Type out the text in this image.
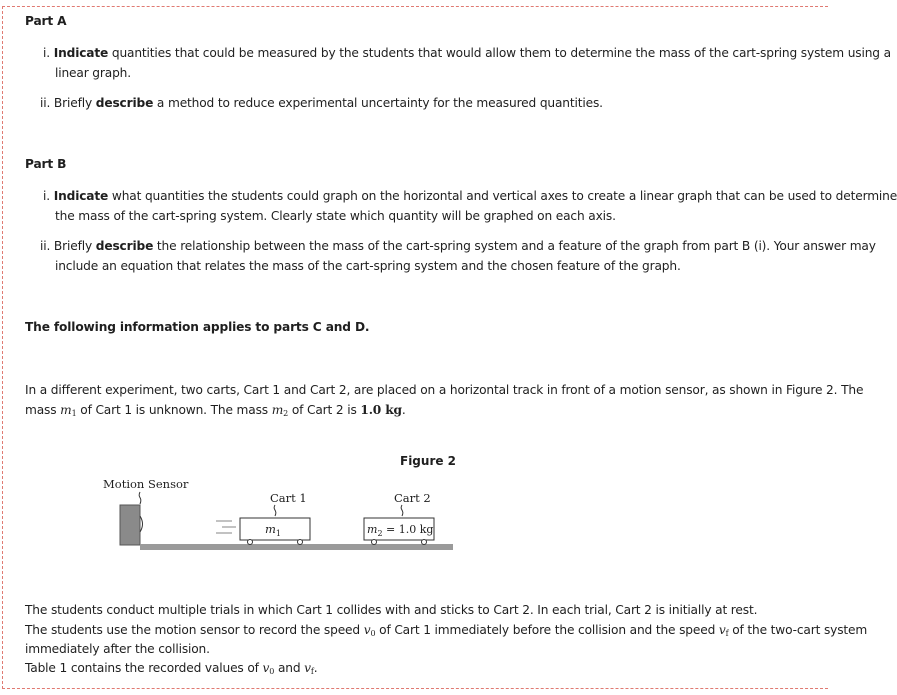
Part A
i. Indicate quantities that could be measured by the students that would allow them to determine the mass of the cart-spring system using a
linear graph.
ii. Briefly describe a method to reduce experimental uncertainty for the measured quantities.
Part B
i. Indicate what quantities the students could graph on the horizontal and vertical axes to create a linear graph that can be used to determine
the mass of the cart-spring system. Clearly state which quantity will be graphed on each axis.
ii. Briefly describe the relationship between the mass of the cart-spring system and a feature of the graph from part B (i). Your answer may
include an equation that relates the mass of the cart-spring system and the chosen feature of the graph.
The following information applies to parts C and D.
In a different experiment, two carts, Cart 1 and Cart 2, are placed on a horizontal track in front of a motion sensor, as shown in Figure 2. The
mass $m_1$ of Cart 1 is unknown. The mass $m_2$ of Cart 2 is 1.0 kg.
Figure 2
Motion Sensor
Cart 1
$m_1$
Cart 2
$m_2 = 1.0$ kg
The students conduct multiple trials in which Cart 1 collides with and sticks to Cart 2. In each trial, Cart 2 is initially at rest.
The students use the motion sensor to record the speed $v_0$ of Cart 1 immediately before the collision and the speed $v_f$ of the two-cart system
immediately after the collision.
Table 1 contains the recorded values of $v_0$ and $v_f$.
